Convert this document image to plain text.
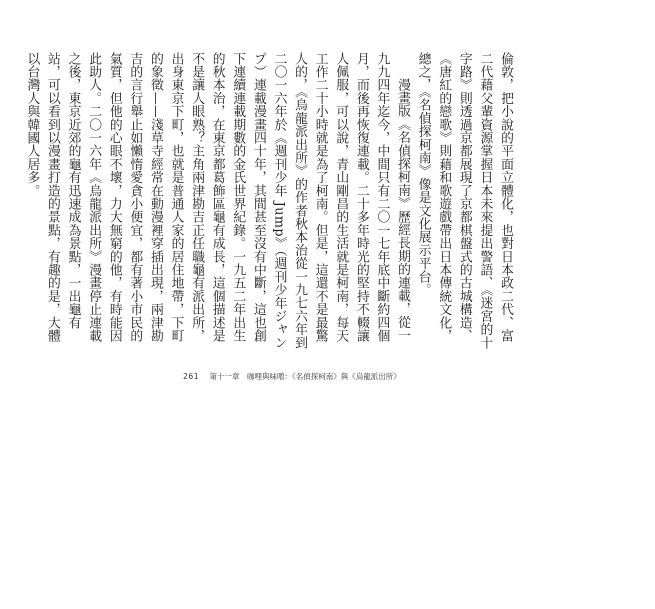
倫敦，把小說的平面立體化，也對日本政二代、富二代藉父輩資源掌握日本未來提出警語、《迷宮的十字路》則透過京都展現了京都棋盤式的古城構造、《唐紅的戀歌》則藉和歌遊戲帶出日本傳統文化，總之，《名偵探柯南》像是文化展示平台。

漫畫版《名偵探柯南》歷經長期的連載，從一九九四年迄今，中間只有二〇一七年底中斷約四個月，而後再恢復連載。二十多年時光的堅持不輟讓人佩服，可以說，青山剛昌的生活就是柯南，每天工作二十小時就是為了柯南。但是，這還不是最驚人的，《烏龍派出所》的作者秋本治從一九七六年到二〇一六年於《週刊少年 Jump》（週刊少年ジャンプ）連載漫畫四十年，其間甚至沒有中斷，這也創下連續連載期數的金氏世界紀錄。一九五二年出生的秋本治，在東京都葛飾區龜有成長，這個描述是不是讓人眼熟？主角兩津勘吉正任職龜有派出所，出身東京下町，也就是普通人家的居住地帶，下町的象徵——淺草寺經常在動漫裡穿插出現，兩津勘吉的言行舉止如懶惰愛貪小便宜，都有著小市民的氣質，但他的心眼不壞，力大無窮的他，有時能因此助人。二〇一六年《烏龍派出所》漫畫停止連載之後，東京近郊的龜有迅速成為景點，一出龜有站，可以看到以漫畫打造的景點，有趣的是，大體以台灣人與韓國人居多。

261 第十一章　咖哩與味噌：《名偵探柯南》與《烏龍派出所》
